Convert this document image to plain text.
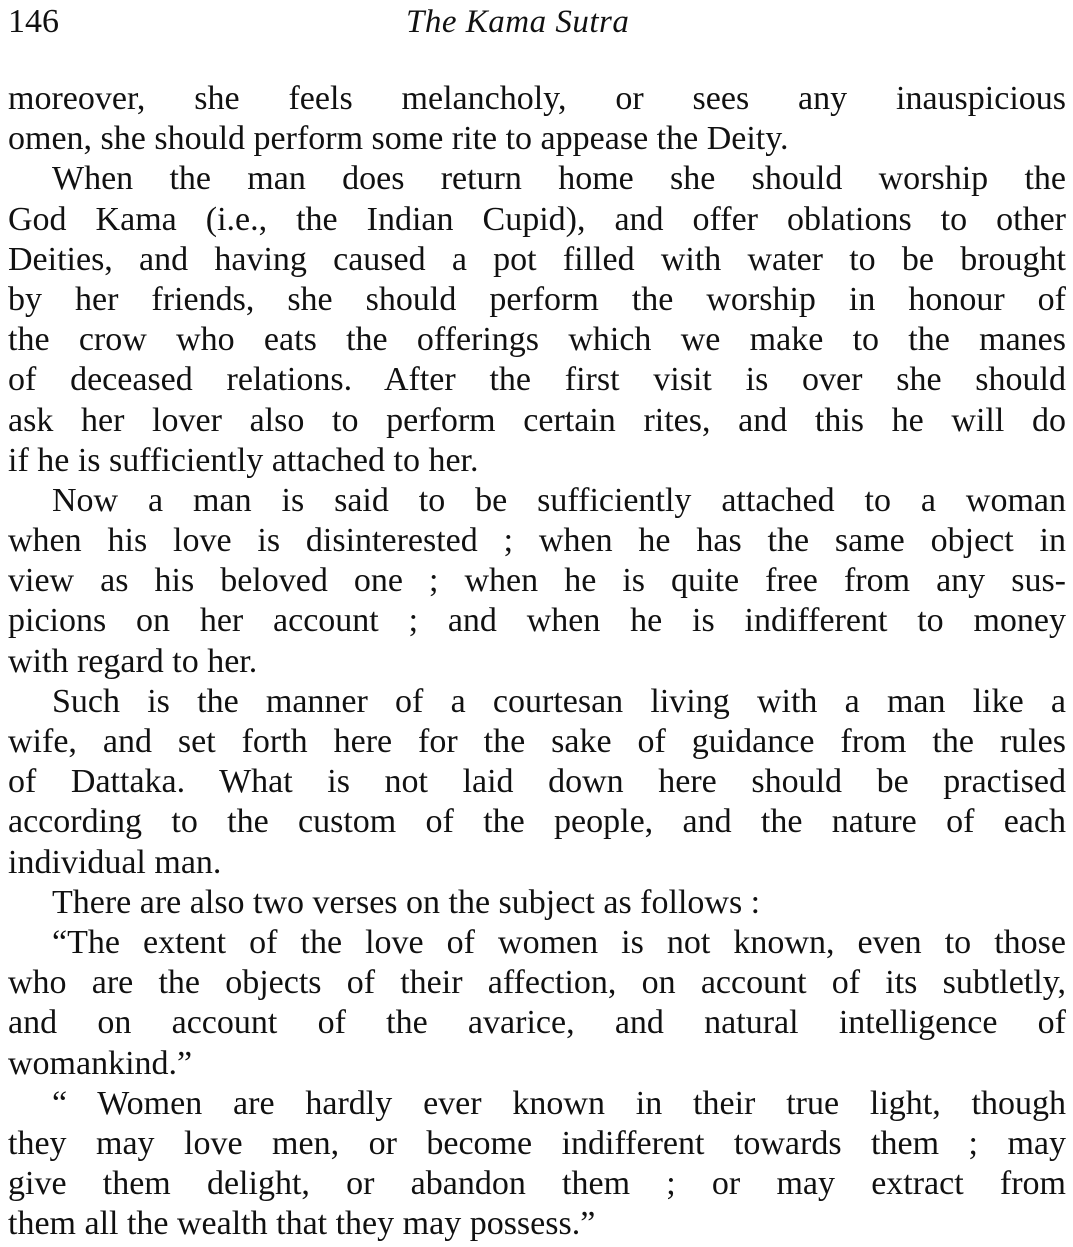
146	The Kama Sutra
moreover, she feels melancholy, or sees any inauspicious
omen, she should perform some rite to appease the Deity.
When the man does return home she should worship the
God Kama (i.e., the Indian Cupid), and offer oblations to other
Deities, and having caused a pot filled with water to be brought
by her friends, she should perform the worship in honour of
the crow who eats the offerings which we make to the manes
of deceased relations. After the first visit is over she should
ask her lover also to perform certain rites, and this he will do
if he is sufficiently attached to her.
Now a man is said to be sufficiently attached to a woman
when his love is disinterested ; when he has the same object in
view as his beloved one ; when he is quite free from any sus-
picions on her account ; and when he is indifferent to money
with regard to her.
Such is the manner of a courtesan living with a man like a
wife, and set forth here for the sake of guidance from the rules
of Dattaka. What is not laid down here should be practised
according to the custom of the people, and the nature of each
individual man.
There are also two verses on the subject as follows :
“The extent of the love of women is not known, even to those
who are the objects of their affection, on account of its subtletly,
and on account of the avarice, and natural intelligence of
womankind.”
“ Women are hardly ever known in their true light, though
they may love men, or become indifferent towards them ; may
give them delight, or abandon them ; or may extract from
them all the wealth that they may possess.”
